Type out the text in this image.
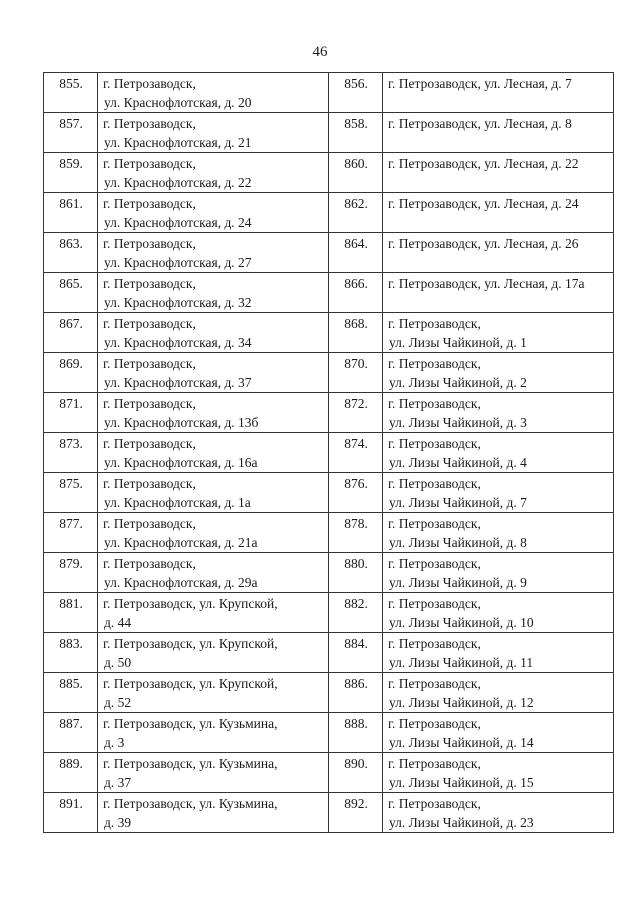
46
855.	г. Петрозаводск,
ул. Краснофлотская, д. 20	856.	г. Петрозаводск, ул. Лесная, д. 7

857.	г. Петрозаводск,
ул. Краснофлотская, д. 21	858.	г. Петрозаводск, ул. Лесная, д. 8

859.	г. Петрозаводск,
ул. Краснофлотская, д. 22	860.	г. Петрозаводск, ул. Лесная, д. 22

861.	г. Петрозаводск,
ул. Краснофлотская, д. 24	862.	г. Петрозаводск, ул. Лесная, д. 24

863.	г. Петрозаводск,
ул. Краснофлотская, д. 27	864.	г. Петрозаводск, ул. Лесная, д. 26

865.	г. Петрозаводск,
ул. Краснофлотская, д. 32	866.	г. Петрозаводск, ул. Лесная, д. 17а

867.	г. Петрозаводск,
ул. Краснофлотская, д. 34	868.	г. Петрозаводск,
ул. Лизы Чайкиной, д. 1

869.	г. Петрозаводск,
ул. Краснофлотская, д. 37	870.	г. Петрозаводск,
ул. Лизы Чайкиной, д. 2

871.	г. Петрозаводск,
ул. Краснофлотская, д. 13б	872.	г. Петрозаводск,
ул. Лизы Чайкиной, д. 3

873.	г. Петрозаводск,
ул. Краснофлотская, д. 16а	874.	г. Петрозаводск,
ул. Лизы Чайкиной, д. 4

875.	г. Петрозаводск,
ул. Краснофлотская, д. 1а	876.	г. Петрозаводск,
ул. Лизы Чайкиной, д. 7

877.	г. Петрозаводск,
ул. Краснофлотская, д. 21а	878.	г. Петрозаводск,
ул. Лизы Чайкиной, д. 8

879.	г. Петрозаводск,
ул. Краснофлотская, д. 29а	880.	г. Петрозаводск,
ул. Лизы Чайкиной, д. 9

881.	г. Петрозаводск, ул. Крупской,
д. 44	882.	г. Петрозаводск,
ул. Лизы Чайкиной, д. 10

883.	г. Петрозаводск, ул. Крупской,
д. 50	884.	г. Петрозаводск,
ул. Лизы Чайкиной, д. 11

885.	г. Петрозаводск, ул. Крупской,
д. 52	886.	г. Петрозаводск,
ул. Лизы Чайкиной, д. 12

887.	г. Петрозаводск, ул. Кузьмина,
д. 3	888.	г. Петрозаводск,
ул. Лизы Чайкиной, д. 14

889.	г. Петрозаводск, ул. Кузьмина,
д. 37	890.	г. Петрозаводск,
ул. Лизы Чайкиной, д. 15

891.	г. Петрозаводск, ул. Кузьмина,
д. 39	892.	г. Петрозаводск,
ул. Лизы Чайкиной, д. 23
